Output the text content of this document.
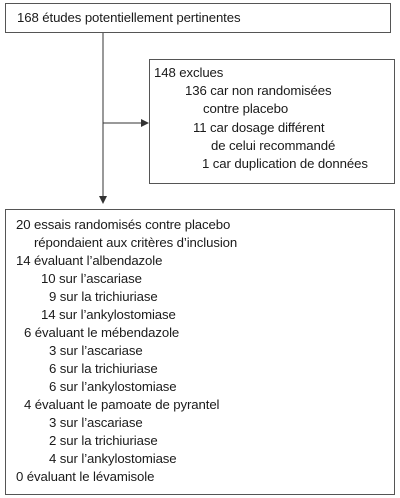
168 études potentiellement pertinentes
148 exclues
136 car non randomisées
contre placebo
11 car dosage différent
de celui recommandé
1 car duplication de données
20 essais randomisés contre placebo
répondaient aux critères d’inclusion
14 évaluant l’albendazole
10 sur l’ascariase
9 sur la trichiuriase
14 sur l’ankylostomiase
6 évaluant le mébendazole
3 sur l’ascariase
6 sur la trichiuriase
6 sur l’ankylostomiase
4 évaluant le pamoate de pyrantel
3 sur l’ascariase
2 sur la trichiuriase
4 sur l’ankylostomiase
0 évaluant le lévamisole
